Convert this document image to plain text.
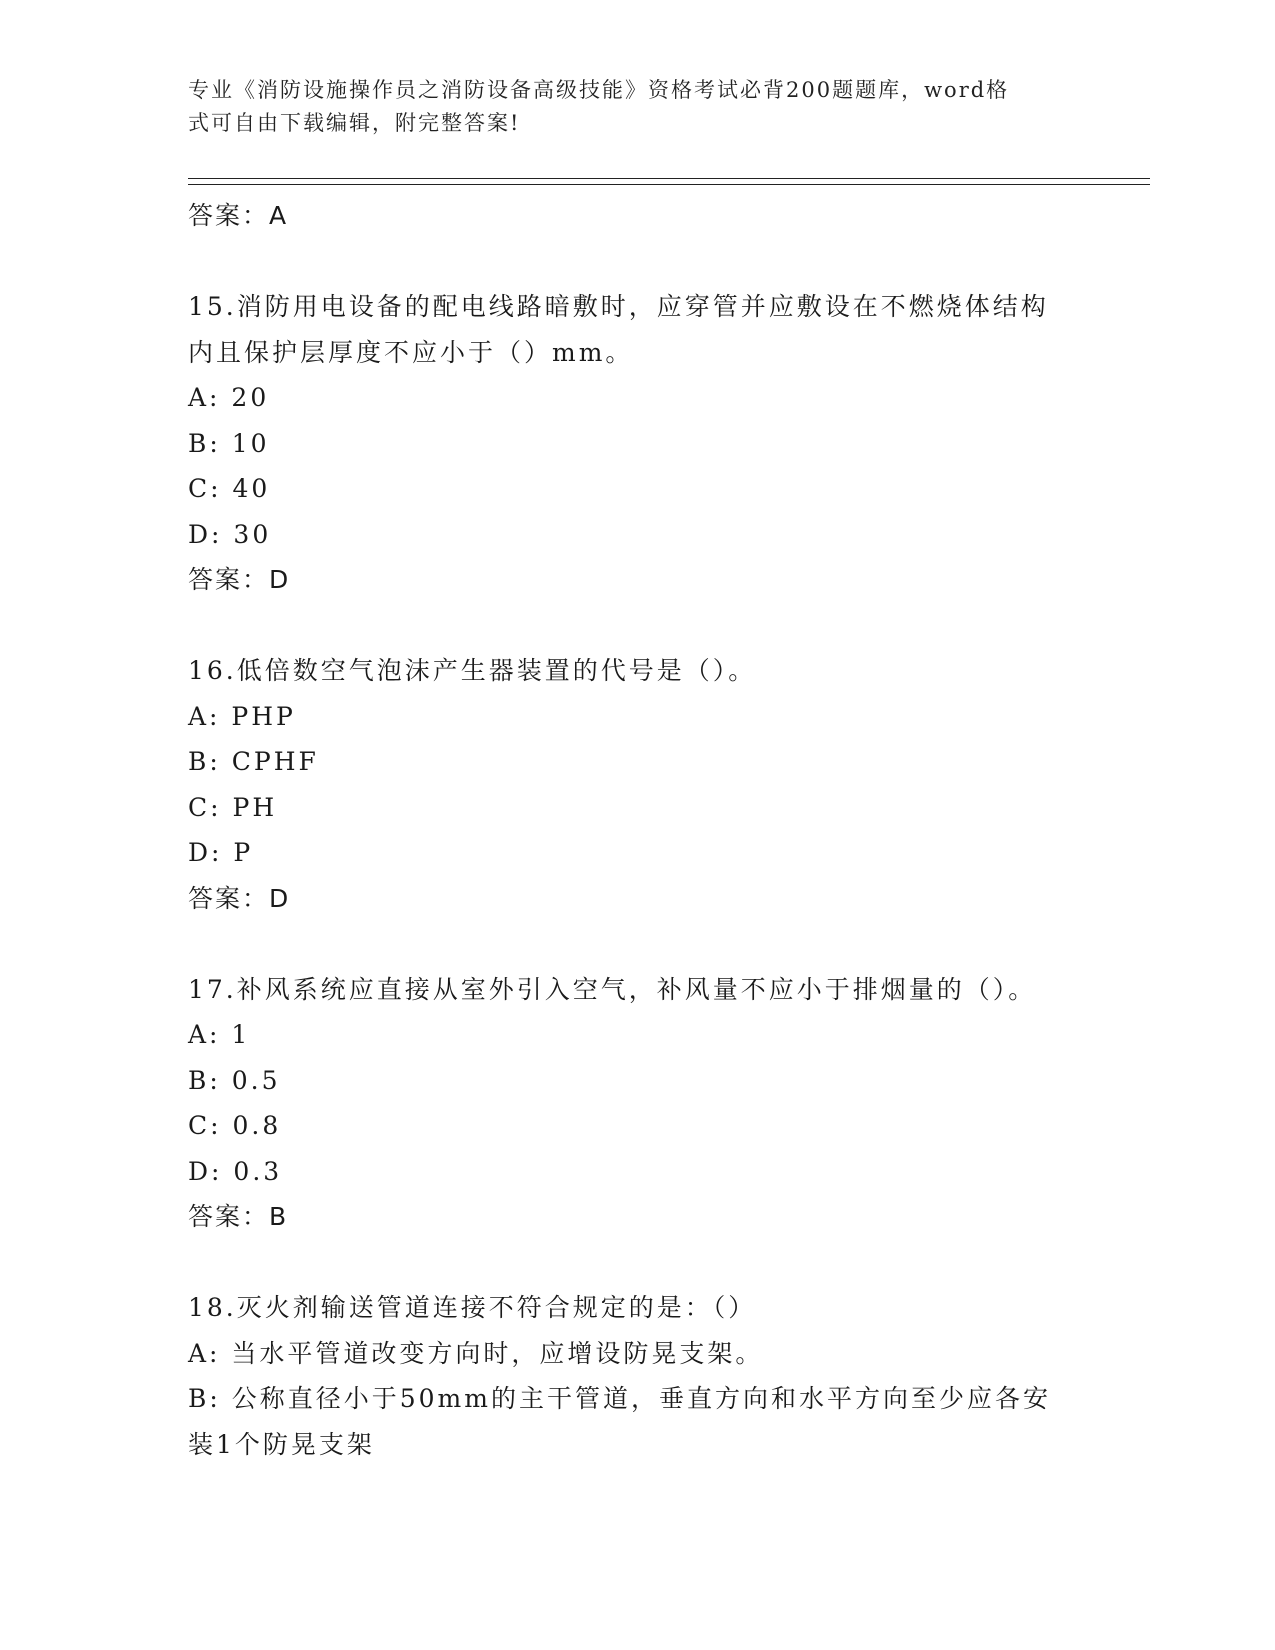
专业《消防设施操作员之消防设备高级技能》资格考试必背200题题库，word格
式可自由下载编辑，附完整答案!
答案：A
15.消防用电设备的配电线路暗敷时，应穿管并应敷设在不燃烧体结构
内且保护层厚度不应小于（）mm。
A: 20
B: 10
C: 40
D: 30
答案：D
16.低倍数空气泡沫产生器装置的代号是（）。
A: PHP
B: CPHF
C: PH
D: P
答案：D
17.补风系统应直接从室外引入空气，补风量不应小于排烟量的（）。
A: 1
B: 0.5
C: 0.8
D: 0.3
答案：B
18.灭火剂输送管道连接不符合规定的是：（）
A: 当水平管道改变方向时，应增设防晃支架。
B: 公称直径小于50mm的主干管道，垂直方向和水平方向至少应各安
装1个防晃支架
